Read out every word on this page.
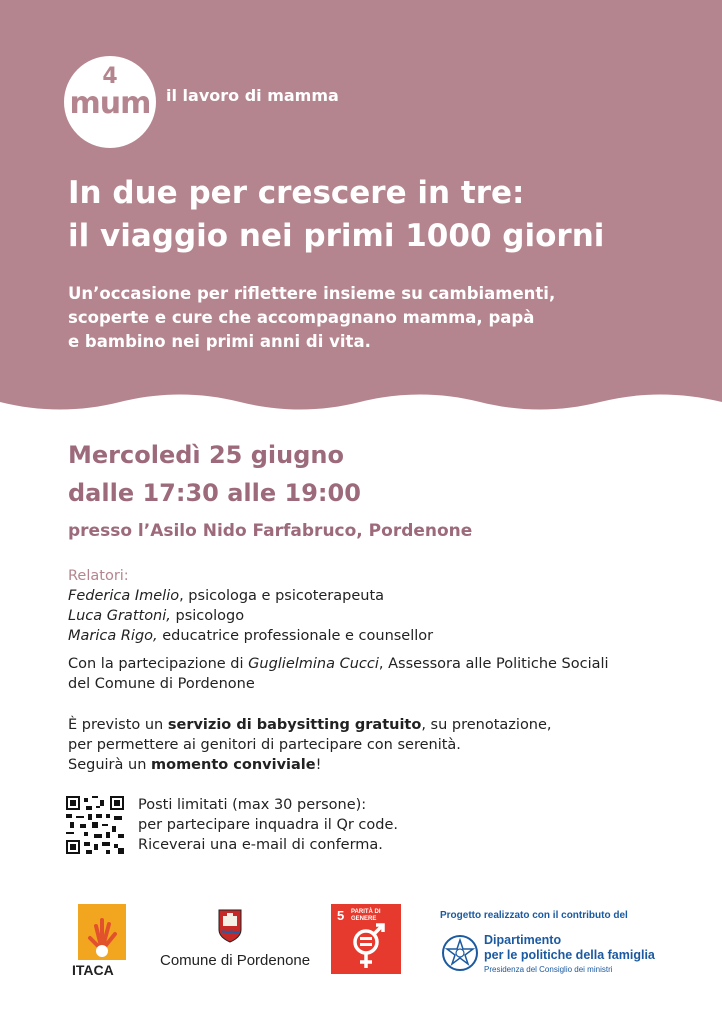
4
mum il lavoro di mamma
In due per crescere in tre:
il viaggio nei primi 1000 giorni
Un’occasione per riflettere insieme su cambiamenti,
scoperte e cure che accompagnano mamma, papà
e bambino nei primi anni di vita.
Mercoledì 25 giugno
dalle 17:30 alle 19:00
presso l’Asilo Nido Farfabruco, Pordenone
Relatori:
Federica Imelio, psicologa e psicoterapeuta
Luca Grattoni, psicologo
Marica Rigo, educatrice professionale e counsellor
Con la partecipazione di Guglielmina Cucci, Assessora alle Politiche Sociali
del Comune di Pordenone
È previsto un servizio di babysitting gratuito, su prenotazione,
per permettere ai genitori di partecipare con serenità.
Seguirà un momento conviviale!
Posti limitati (max 30 persone):
per partecipare inquadra il Qr code.
Riceverai una e-mail di conferma.
ITACA
Comune di Pordenone
5 PARITÀ DI GENERE	Progetto realizzato con il contributo del
Dipartimento
per le politiche della famiglia
Presidenza del Consiglio dei ministri
